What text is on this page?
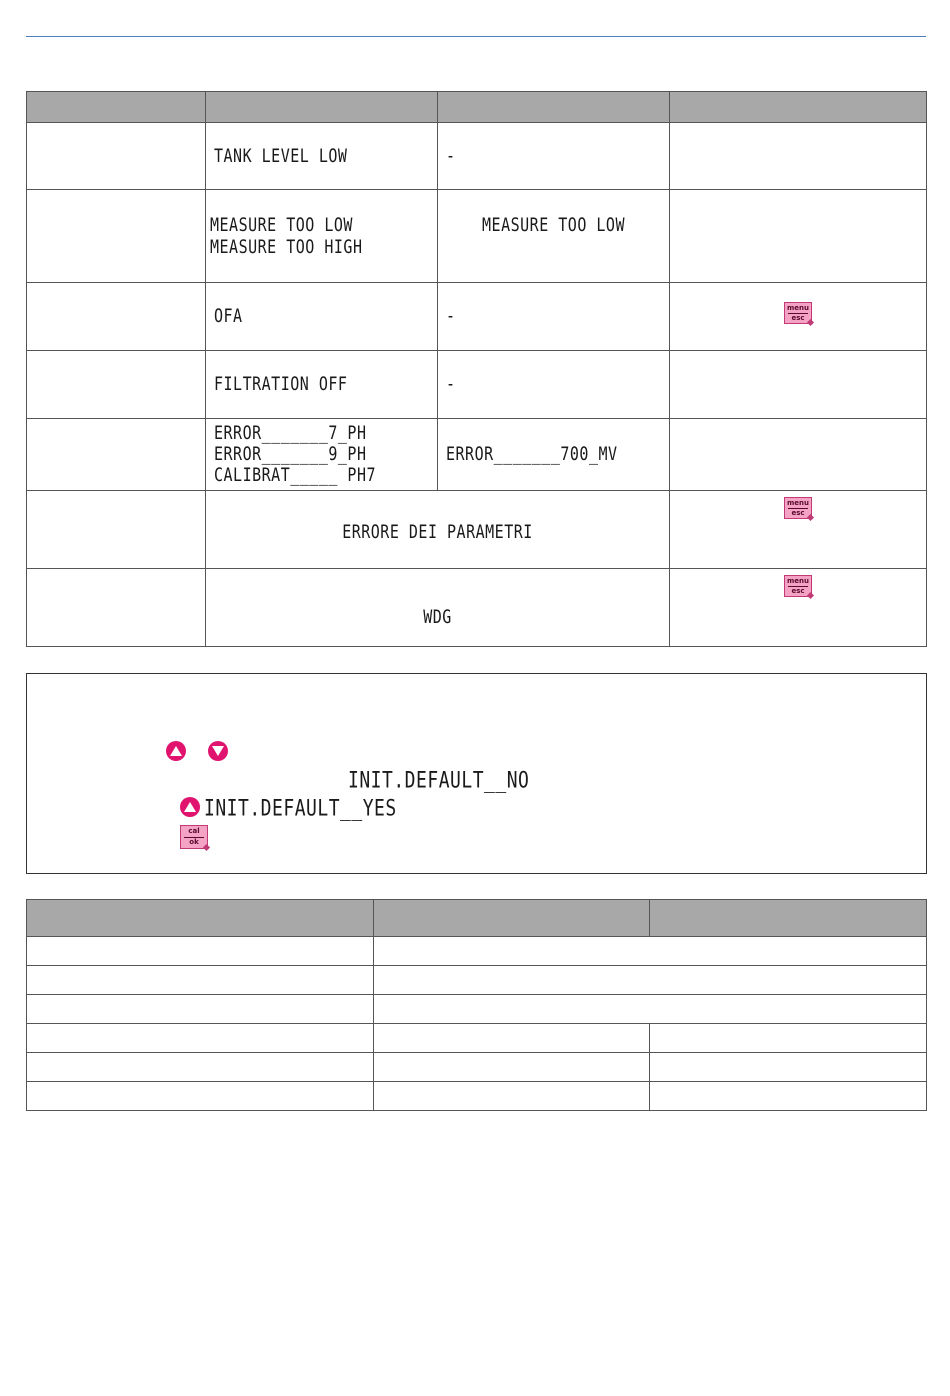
	TANK LEVEL LOW	-	

	MEASURE TOO LOW
MEASURE TOO HIGH	MEASURE TOO LOW	

	OFA	-	menu
esc

	FILTRATION OFF	-	

	ERROR_______7_PH
ERROR_______9_PH
CALIBRAT_____ PH7	ERROR_______700_MV	

	ERRORE DEI PARAMETRI		menu
esc

	WDG		menu
esc
INIT.DEFAULT__NO
INIT.DEFAULT__YES
cal
ok
